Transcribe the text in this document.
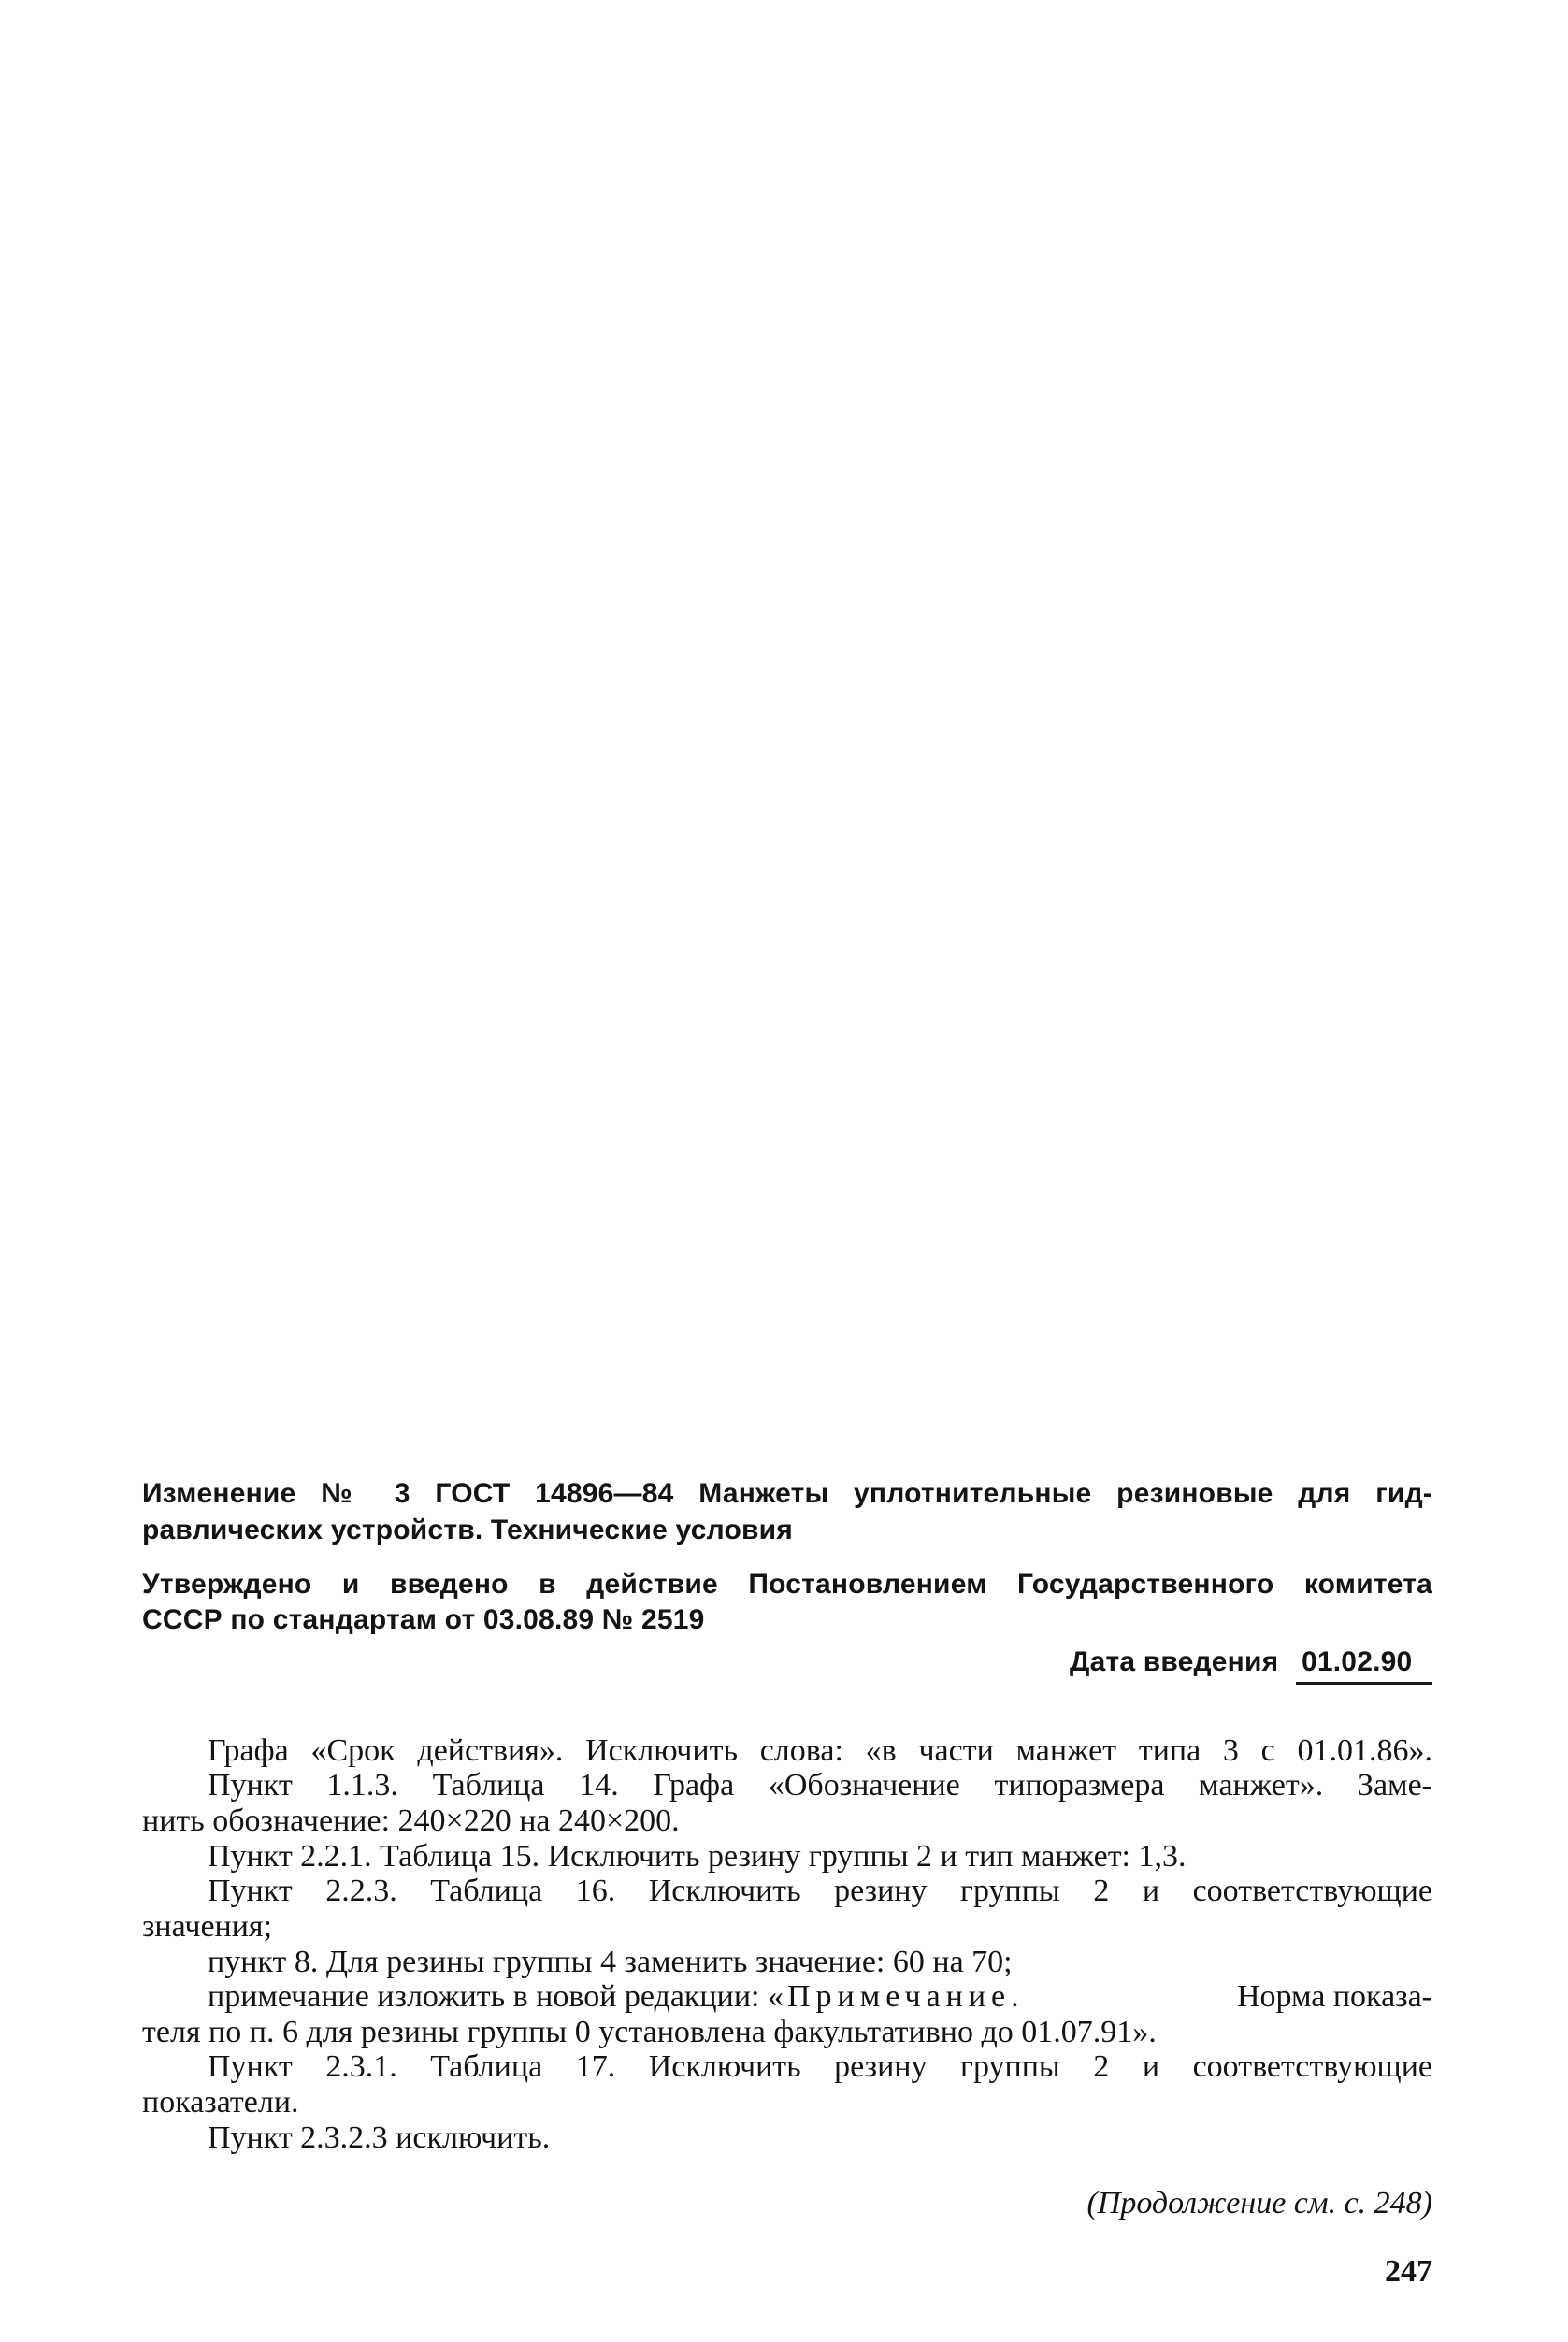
Изменение № 3 ГОСТ 14896—84 Манжеты уплотнительные резиновые для гид-
равлических устройств. Технические условия
Утверждено и введено в действие Постановлением Государственного комитета
СССР по стандартам от 03.08.89 № 2519
Дата введения 01.02.90
Графа «Срок действия». Исключить слова: «в части манжет типа 3 с 01.01.86».
Пункт 1.1.3. Таблица 14. Графа «Обозначение типоразмера манжет». Заме-
нить обозначение: 240×220 на 240×200.
Пункт 2.2.1. Таблица 15. Исключить резину группы 2 и тип манжет: 1,3.
Пункт 2.2.3. Таблица 16. Исключить резину группы 2 и соответствующие
значения;
пункт 8. Для резины группы 4 заменить значение: 60 на 70;
примечание изложить в новой редакции: « Примечание.	Норма показа-
теля по п. 6 для резины группы 0 установлена факультативно до 01.07.91».
Пункт 2.3.1. Таблица 17. Исключить резину группы 2 и соответствующие
показатели.
Пункт 2.3.2.3 исключить.
(Продолжение см. с. 248)
247
